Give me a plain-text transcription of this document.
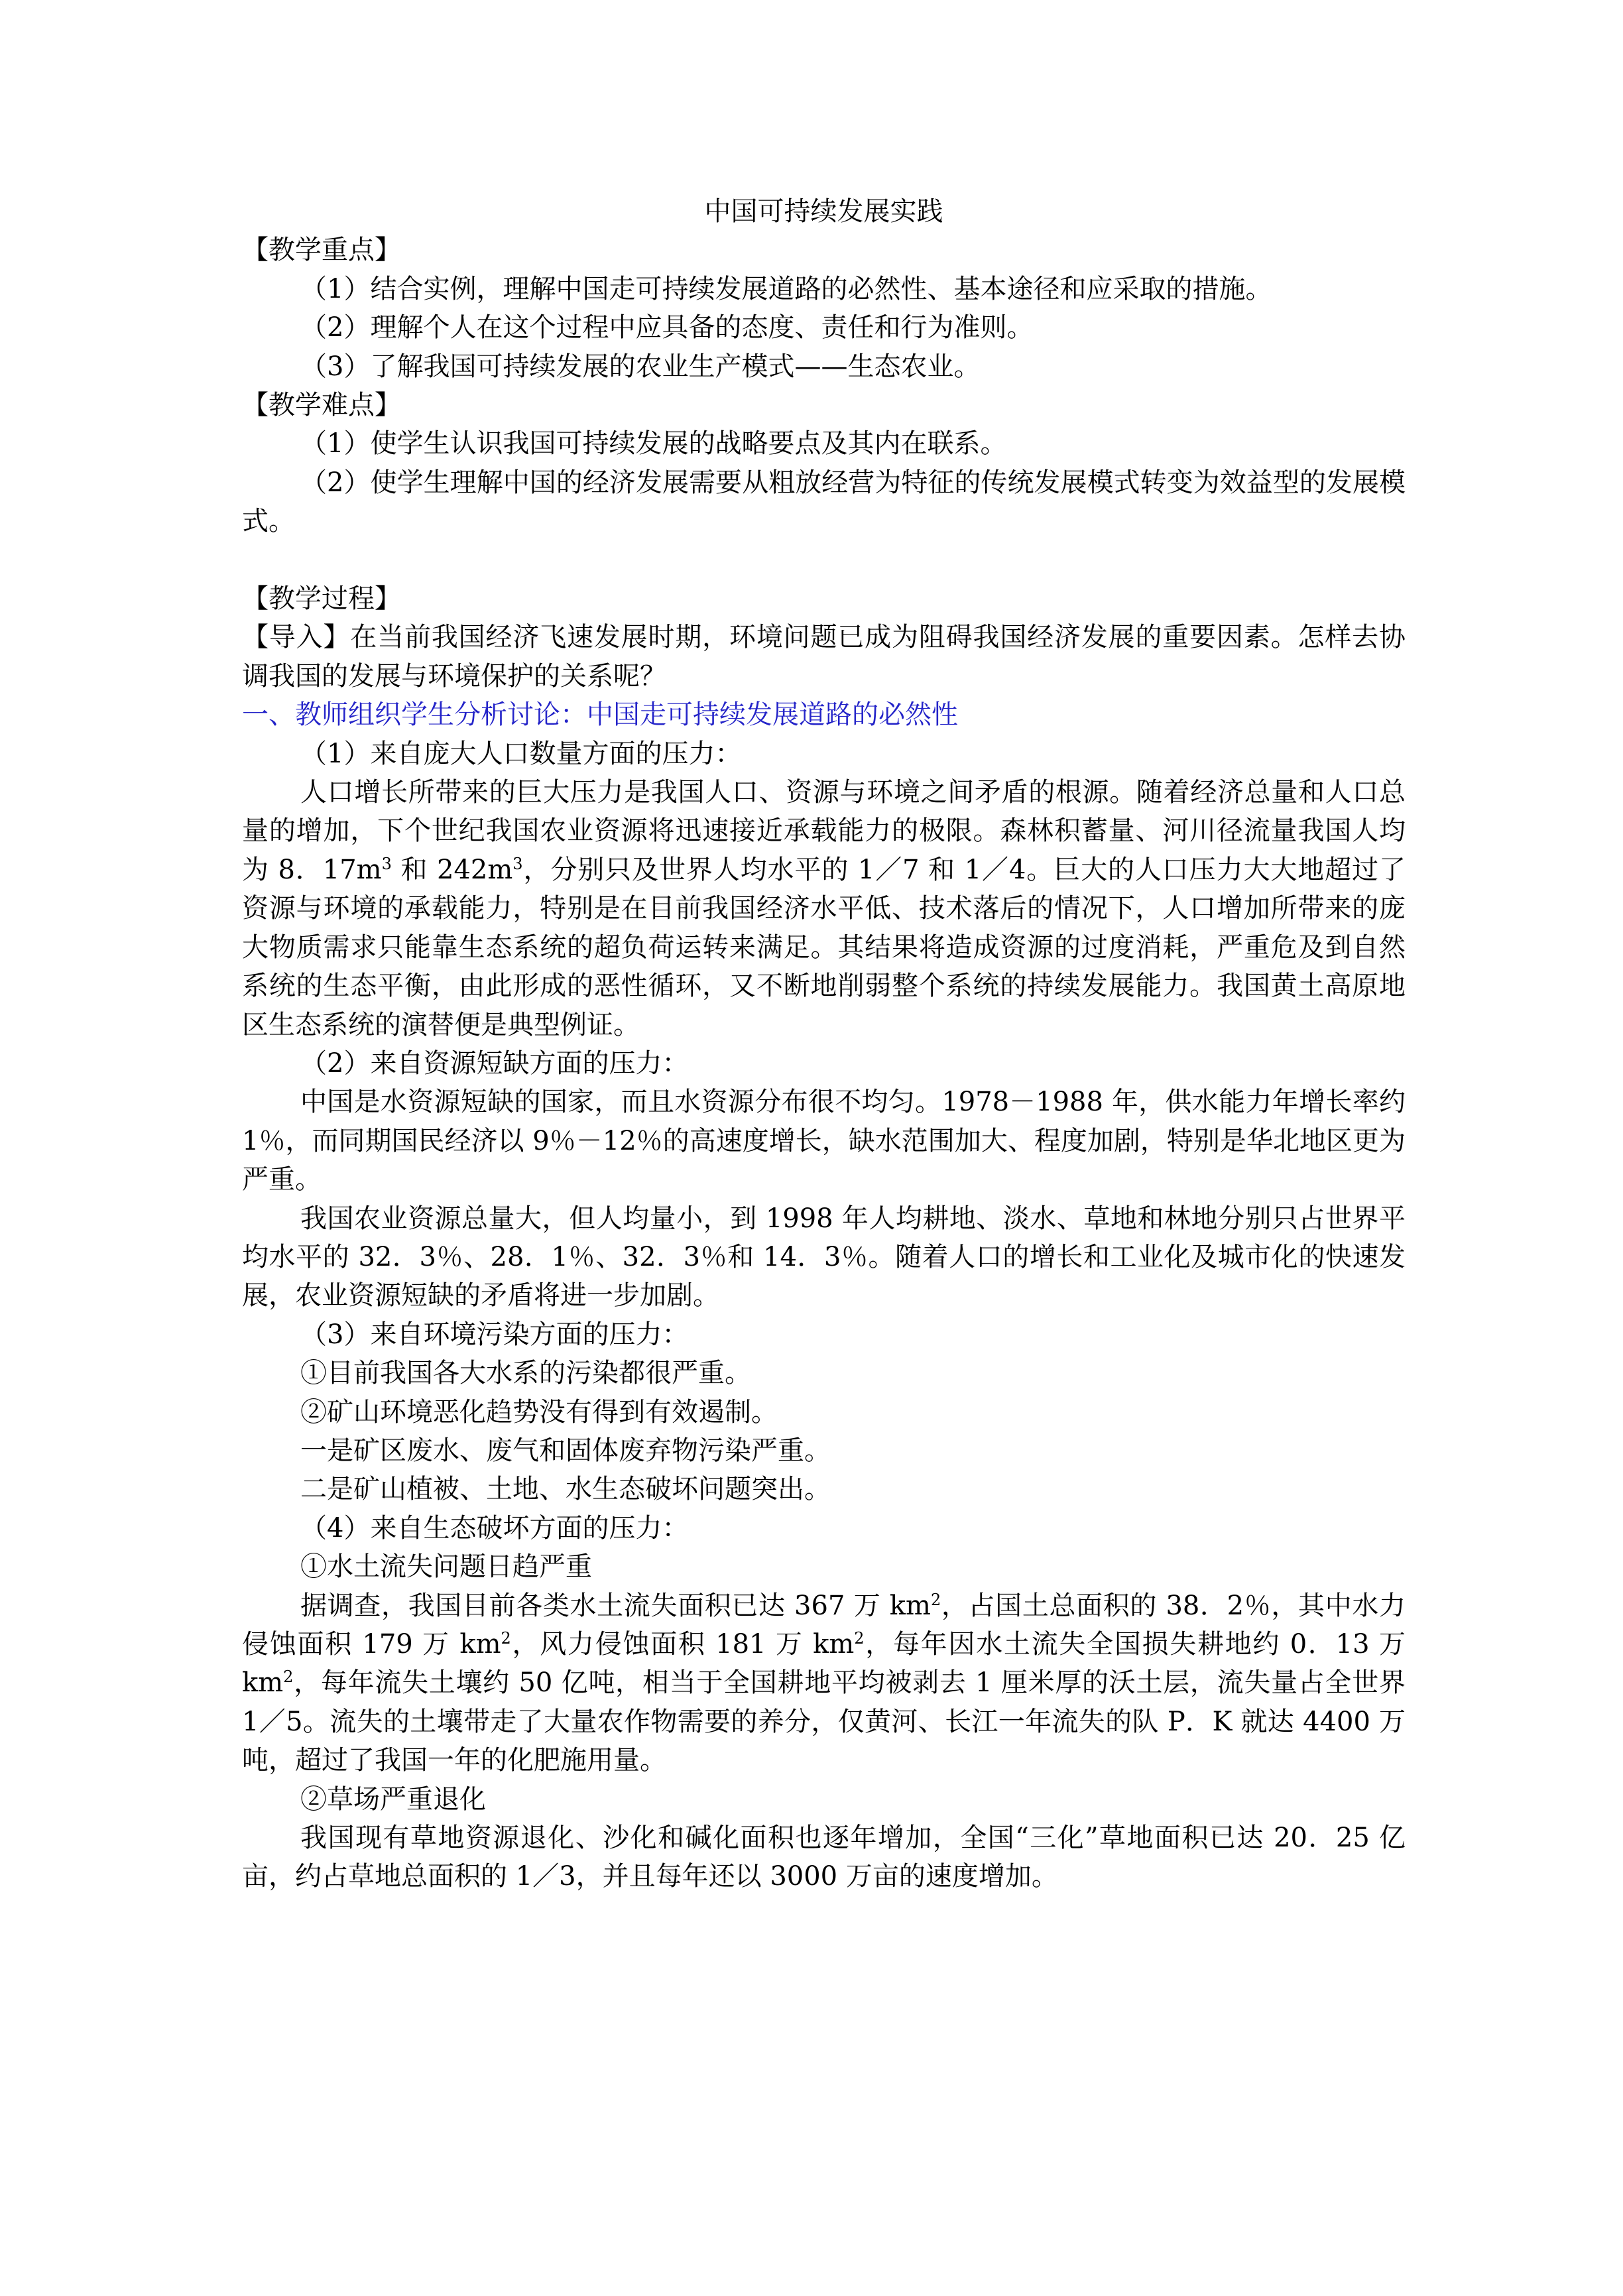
中国可持续发展实践

【教学重点】

（1）结合实例，理解中国走可持续发展道路的必然性、基本途径和应采取的措施。

（2）理解个人在这个过程中应具备的态度、责任和行为准则。

（3）了解我国可持续发展的农业生产模式——生态农业。

【教学难点】

（1）使学生认识我国可持续发展的战略要点及其内在联系。

（2）使学生理解中国的经济发展需要从粗放经营为特征的传统发展模式转变为效益型的发展模式。

【教学过程】

【导入】在当前我国经济飞速发展时期，环境问题已成为阻碍我国经济发展的重要因素。怎样去协调我国的发展与环境保护的关系呢？

一、教师组织学生分析讨论：中国走可持续发展道路的必然性

（1）来自庞大人口数量方面的压力：

人口增长所带来的巨大压力是我国人口、资源与环境之间矛盾的根源。随着经济总量和人口总量的增加，下个世纪我国农业资源将迅速接近承载能力的极限。森林积蓄量、河川径流量我国人均为 8．$17m^3$ 和 $242m^3$，分别只及世界人均水平的 1／7 和 1／4。巨大的人口压力大大地超过了资源与环境的承载能力，特别是在目前我国经济水平低、技术落后的情况下，人口增加所带来的庞大物质需求只能靠生态系统的超负荷运转来满足。其结果将造成资源的过度消耗，严重危及到自然系统的生态平衡，由此形成的恶性循环，又不断地削弱整个系统的持续发展能力。我国黄土高原地区生态系统的演替便是典型例证。

（2）来自资源短缺方面的压力：

中国是水资源短缺的国家，而且水资源分布很不均匀。1978－1988 年，供水能力年增长率约 1％，而同期国民经济以 9％－12％的高速度增长，缺水范围加大、程度加剧，特别是华北地区更为严重。

我国农业资源总量大，但人均量小，到 1998 年人均耕地、淡水、草地和林地分别只占世界平均水平的 32．3％、28．1％、32．3％和 14．3％。随着人口的增长和工业化及城市化的快速发展，农业资源短缺的矛盾将进一步加剧。

（3）来自环境污染方面的压力：

①目前我国各大水系的污染都很严重。

②矿山环境恶化趋势没有得到有效遏制。

一是矿区废水、废气和固体废弃物污染严重。

二是矿山植被、土地、水生态破坏问题突出。

（4）来自生态破坏方面的压力：

①水土流失问题日趋严重

据调查，我国目前各类水土流失面积已达 367 万 $km^2$，占国土总面积的 38．2％，其中水力侵蚀面积 179 万 $km^2$，风力侵蚀面积 181 万 $km^2$，每年因水土流失全国损失耕地约 0．13 万 $km^2$，每年流失土壤约 50 亿吨，相当于全国耕地平均被剥去 1 厘米厚的沃土层，流失量占全世界 1／5。流失的土壤带走了大量农作物需要的养分，仅黄河、长江一年流失的队 P．K 就达 4400 万吨，超过了我国一年的化肥施用量。

②草场严重退化

我国现有草地资源退化、沙化和碱化面积也逐年增加，全国“三化”草地面积已达 20．25 亿亩，约占草地总面积的 1／3，并且每年还以 3000 万亩的速度增加。
